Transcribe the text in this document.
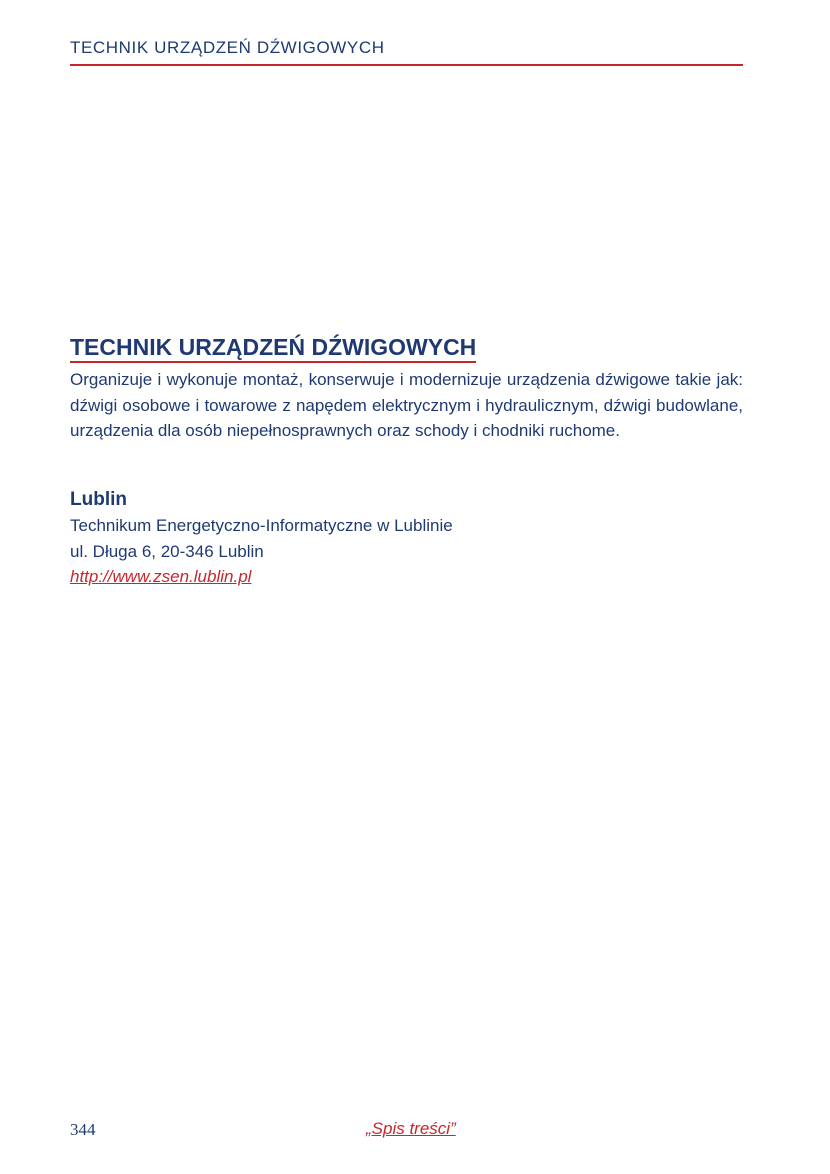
TECHNIK URZĄDZEŃ DŹWIGOWYCH
TECHNIK URZĄDZEŃ DŹWIGOWYCH

Organizuje i wykonuje montaż, konserwuje i modernizuje urządzenia dźwigowe takie jak: dźwigi osobowe i towarowe z napędem elektrycznym i hydraulicznym, dźwigi budowlane, urządzenia dla osób niepełnosprawnych oraz schody i chodniki ruchome.

Lublin
Technikum Energetyczno-Informatyczne w Lublinie
ul. Długa 6, 20-346 Lublin
http://www.zsen.lublin.pl
344	„Spis treści”
